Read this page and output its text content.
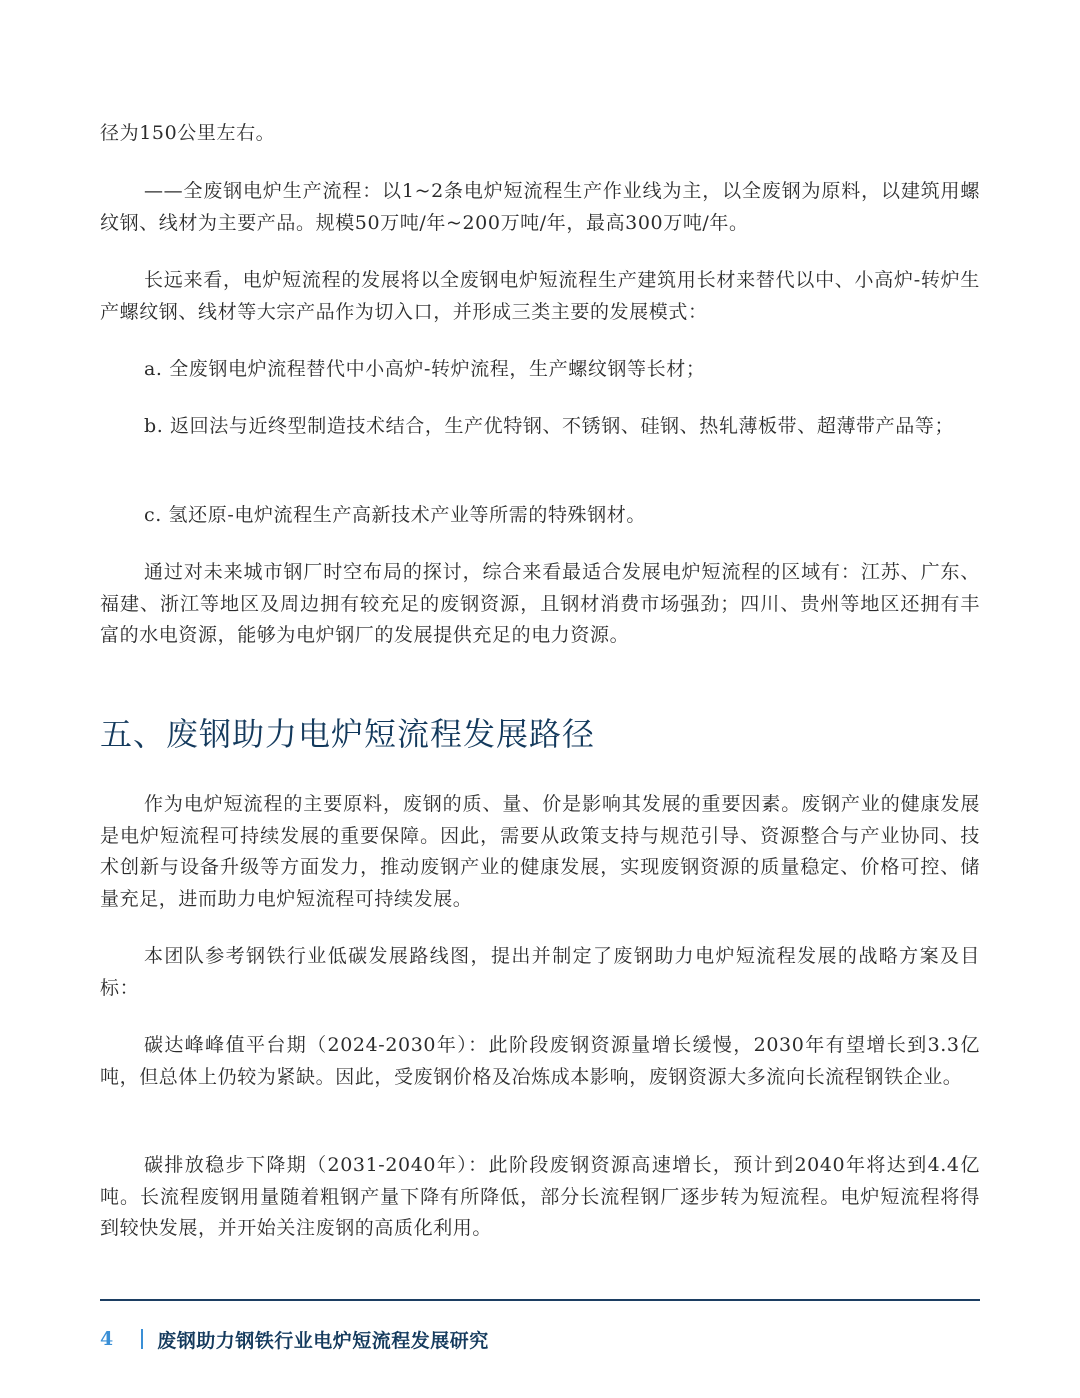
径为150公里左右。

——全废钢电炉生产流程：以1~2条电炉短流程生产作业线为主，以全废钢为原料，以建筑用螺纹钢、线材为主要产品。规模50万吨/年~200万吨/年，最高300万吨/年。

长远来看，电炉短流程的发展将以全废钢电炉短流程生产建筑用长材来替代以中、小高炉-转炉生产螺纹钢、线材等大宗产品作为切入口，并形成三类主要的发展模式：

a. 全废钢电炉流程替代中小高炉-转炉流程，生产螺纹钢等长材；

b. 返回法与近终型制造技术结合，生产优特钢、不锈钢、硅钢、热轧薄板带、超薄带产品等；

c. 氢还原-电炉流程生产高新技术产业等所需的特殊钢材。

通过对未来城市钢厂时空布局的探讨，综合来看最适合发展电炉短流程的区域有：江苏、广东、福建、浙江等地区及周边拥有较充足的废钢资源，且钢材消费市场强劲；四川、贵州等地区还拥有丰富的水电资源，能够为电炉钢厂的发展提供充足的电力资源。

五、废钢助力电炉短流程发展路径

作为电炉短流程的主要原料，废钢的质、量、价是影响其发展的重要因素。废钢产业的健康发展是电炉短流程可持续发展的重要保障。因此，需要从政策支持与规范引导、资源整合与产业协同、技术创新与设备升级等方面发力，推动废钢产业的健康发展，实现废钢资源的质量稳定、价格可控、储量充足，进而助力电炉短流程可持续发展。

本团队参考钢铁行业低碳发展路线图，提出并制定了废钢助力电炉短流程发展的战略方案及目标：

碳达峰峰值平台期（2024-2030年）：此阶段废钢资源量增长缓慢，2030年有望增长到3.3亿吨，但总体上仍较为紧缺。因此，受废钢价格及冶炼成本影响，废钢资源大多流向长流程钢铁企业。

碳排放稳步下降期（2031-2040年）：此阶段废钢资源高速增长，预计到2040年将达到4.4亿吨。长流程废钢用量随着粗钢产量下降有所降低，部分长流程钢厂逐步转为短流程。电炉短流程将得到较快发展，并开始关注废钢的高质化利用。

4 废钢助力钢铁行业电炉短流程发展研究
